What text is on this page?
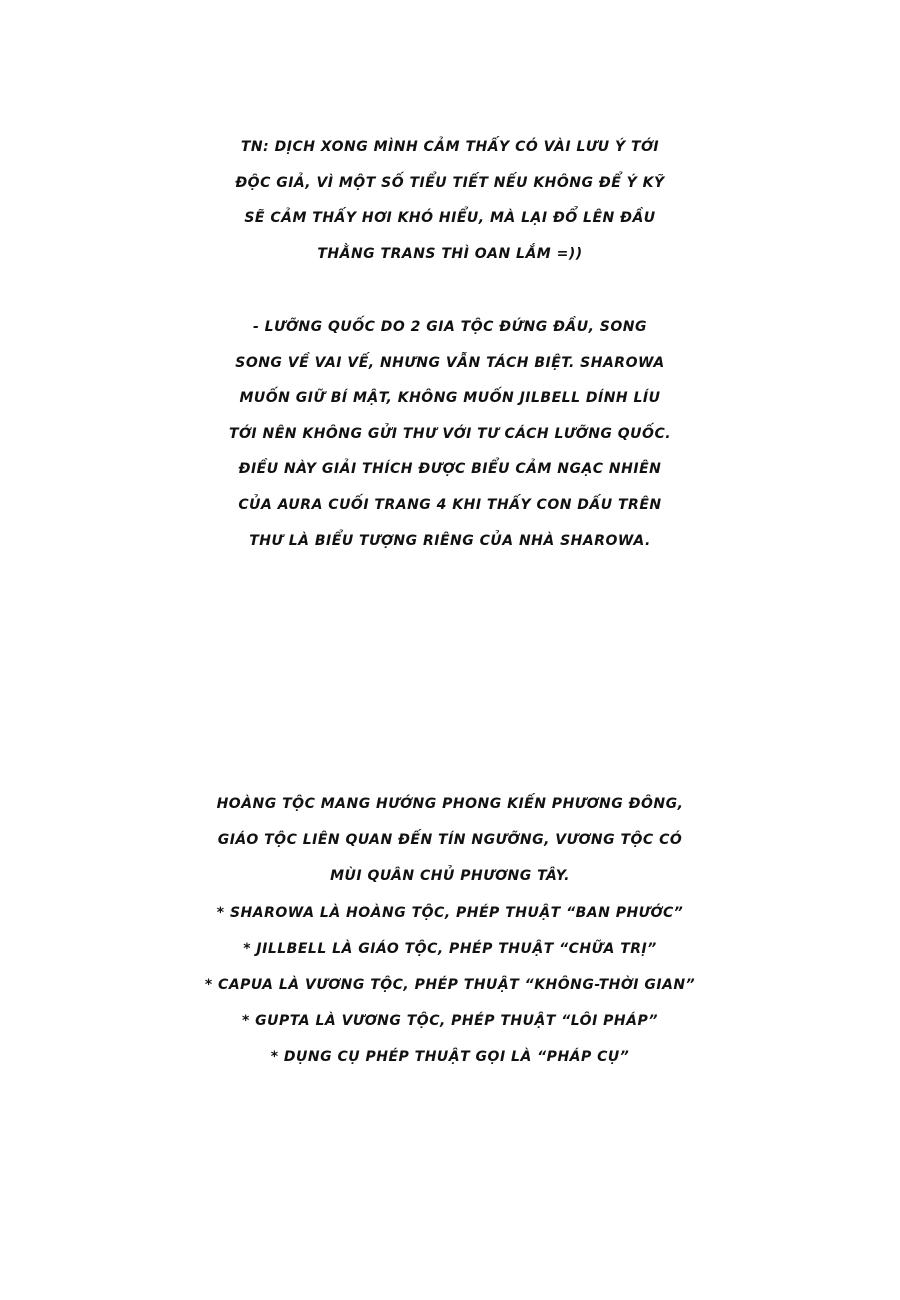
TN: DỊCH XONG MÌNH CẢM THẤY CÓ VÀI LƯU Ý TỚI
ĐỘC GIẢ, VÌ MỘT SỐ TIỂU TIẾT NẾU KHÔNG ĐỂ Ý KỸ
SẼ CẢM THẤY HƠI KHÓ HIỂU, MÀ LẠI ĐỔ LÊN ĐẦU
THẰNG TRANS THÌ OAN LẮM =))
- LƯỠNG QUỐC DO 2 GIA TỘC ĐỨNG ĐẦU, SONG
SONG VỀ VAI VẾ, NHƯNG VẪN TÁCH BIỆT. SHAROWA
MUỐN GIỮ BÍ MẬT, KHÔNG MUỐN JILBELL DÍNH LÍU
TỚI NÊN KHÔNG GỬI THƯ VỚI TƯ CÁCH LƯỠNG QUỐC.
ĐIỀU NÀY GIẢI THÍCH ĐƯỢC BIỂU CẢM NGẠC NHIÊN
CỦA AURA CUỐI TRANG 4 KHI THẤY CON DẤU TRÊN
THƯ LÀ BIỂU TƯỢNG RIÊNG CỦA NHÀ SHAROWA.
HOÀNG TỘC MANG HƯỚNG PHONG KIẾN PHƯƠNG ĐÔNG,
GIÁO TỘC LIÊN QUAN ĐẾN TÍN NGƯỠNG, VƯƠNG TỘC CÓ
MÙI QUÂN CHỦ PHƯƠNG TÂY.
* SHAROWA LÀ HOÀNG TỘC, PHÉP THUẬT “BAN PHƯỚC”
* JILLBELL LÀ GIÁO TỘC, PHÉP THUẬT “CHỮA TRỊ”
* CAPUA LÀ VƯƠNG TỘC, PHÉP THUẬT “KHÔNG-THỜI GIAN”
* GUPTA LÀ VƯƠNG TỘC, PHÉP THUẬT “LÔI PHÁP”
* DỤNG CỤ PHÉP THUẬT GỌI LÀ “PHÁP CỤ”
